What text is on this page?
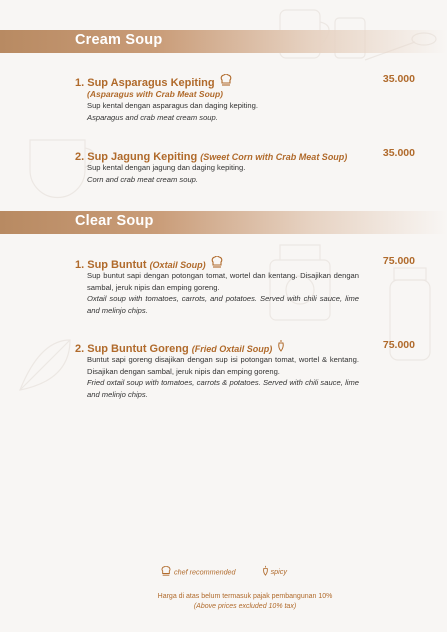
Cream Soup
1. Sup Asparagus Kepiting	35.000
(Asparagus with Crab Meat Soup)
Sup kental dengan asparagus dan daging kepiting.
Asparagus and crab meat cream soup.
2. Sup Jagung Kepiting (Sweet Corn with Crab Meat Soup)	35.000
Sup kental dengan jagung dan daging kepiting.
Corn and crab meat cream soup.
Clear Soup
1. Sup Buntut (Oxtail Soup)	75.000
Sup buntut sapi dengan potongan tomat, wortel dan kentang. Disajikan dengan sambal, jeruk nipis dan emping goreng.
Oxtail soup with tomatoes, carrots, and potatoes. Served with chili sauce, lime and melinjo chips.
2. Sup Buntut Goreng (Fried Oxtail Soup)	75.000
Buntut sapi goreng disajikan dengan sup isi potongan tomat, wortel & kentang. Disajikan dengan sambal, jeruk nipis dan emping goreng.
Fried oxtail soup with tomatoes, carrots & potatoes. Served with chili sauce, lime and melinjo chips.
chef recommended	spicy
Harga di atas belum termasuk pajak pembangunan 10%
(Above prices excluded 10% tax)
